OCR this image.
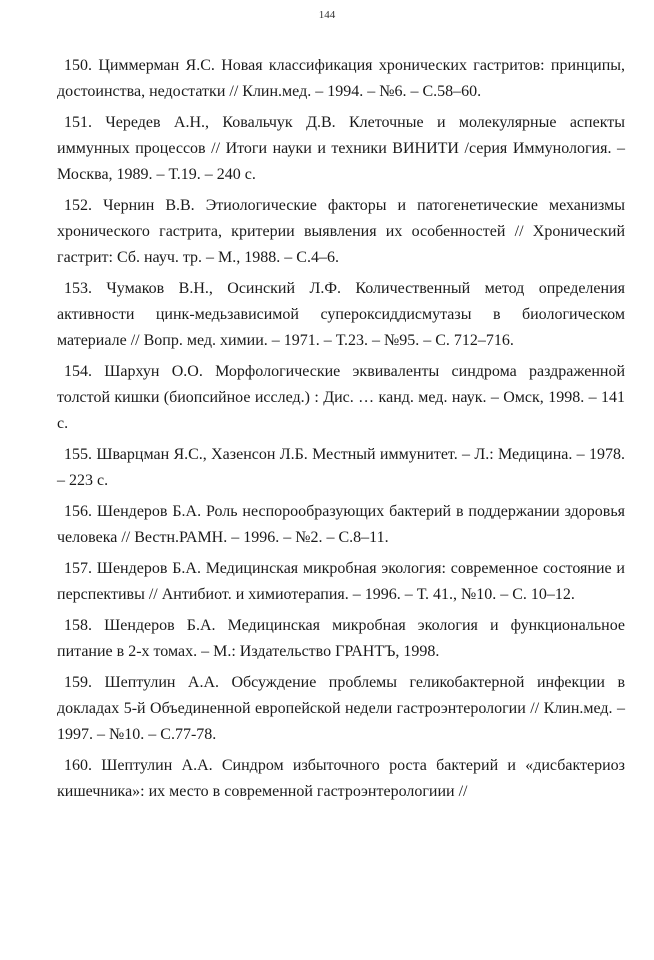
144
150. Циммерман Я.С. Новая классификация хронических гастритов: принципы, достоинства, недостатки // Клин.мед. – 1994. – №6. – С.58–60.
151. Чередев А.Н., Ковальчук Д.В. Клеточные и молекулярные аспекты иммунных процессов // Итоги науки и техники ВИНИТИ /серия Иммунология. – Москва, 1989. – Т.19. – 240 с.
152. Чернин В.В. Этиологические факторы и патогенетические механизмы хронического гастрита, критерии выявления их особенностей // Хронический гастрит: Сб. науч. тр. – М., 1988. – С.4–6.
153. Чумаков В.Н., Осинский Л.Ф. Количественный метод определения активности цинк-медьзависимой супероксиддисмутазы в биологическом материале // Вопр. мед. химии. – 1971. – Т.23. – №95. – С. 712–716.
154. Шархун О.О. Морфологические эквиваленты синдрома раздраженной толстой кишки (биопсийное исслед.) : Дис. … канд. мед. наук. – Омск, 1998. – 141 с.
155. Шварцман Я.С., Хазенсон Л.Б. Местный иммунитет. – Л.: Медицина. – 1978. – 223 с.
156. Шендеров Б.А. Роль неспорообразующих бактерий в поддержании здоровья человека // Вестн.РАМН. – 1996. – №2. – С.8–11.
157. Шендеров Б.А. Медицинская микробная экология: современное состояние и перспективы // Антибиот. и химиотерапия. – 1996. – Т. 41., №10. – С. 10–12.
158. Шендеров Б.А. Медицинская микробная экология и функциональное питание в 2-х томах. – М.: Издательство ГРАНТЪ, 1998.
159. Шептулин А.А. Обсуждение проблемы геликобактерной инфекции в докладах 5-й Объединенной европейской недели гастроэнтерологии // Клин.мед. – 1997. – №10. – С.77-78.
160. Шептулин А.А. Синдром избыточного роста бактерий и «дисбактериоз кишечника»: их место в современной гастроэнтерологиии //
